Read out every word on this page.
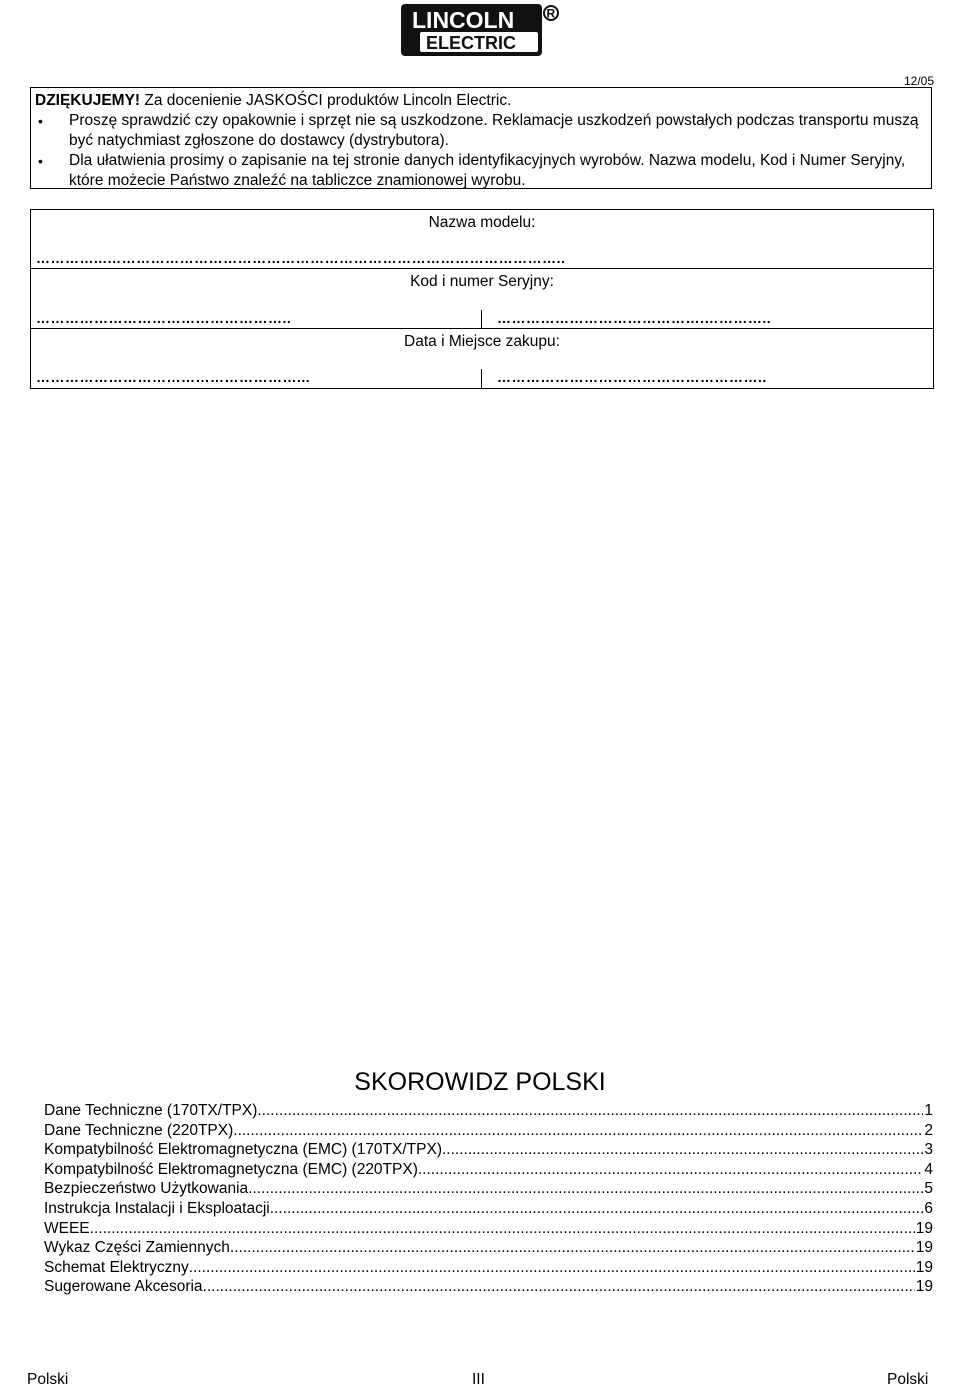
LINCOLN
ELECTRIC
R
12/05
DZIĘKUJEMY! Za docenienie JASKOŚCI produktów Lincoln Electric.
• Proszę sprawdzić czy opakownie i sprzęt nie są uszkodzone. Reklamacje uszkodzeń powstałych podczas transportu muszą być natychmiast zgłoszone do dostawcy (dystrybutora).
• Dla ułatwienia prosimy o zapisanie na tej stronie danych identyfikacyjnych wyrobów. Nazwa modelu, Kod i Numer Seryjny, które możecie Państwo znaleźć na tabliczce znamionowej wyrobu.
Nazwa modelu:
…………...…………………………………………………………………………………..
Kod i numer Seryjny:
……………………………………………..	…………………………………….…………..
Data i Miejsce zakupu:
………………………………………………...	………………………………………………..
SKOROWIDZ POLSKI
Dane Techniczne (170TX/TPX) .....	1
Dane Techniczne (220TPX) .....	2
Kompatybilność Elektromagnetyczna (EMC) (170TX/TPX) .....	3
Kompatybilność Elektromagnetyczna (EMC) (220TPX) .....	4
Bezpieczeństwo Użytkowania .....	5
Instrukcja Instalacji i Eksploatacji .....	6
WEEE .....	19
Wykaz Części Zamiennych .....	19
Schemat Elektryczny .....	19
Sugerowane Akcesoria .....	19
Polski	III	Polski
